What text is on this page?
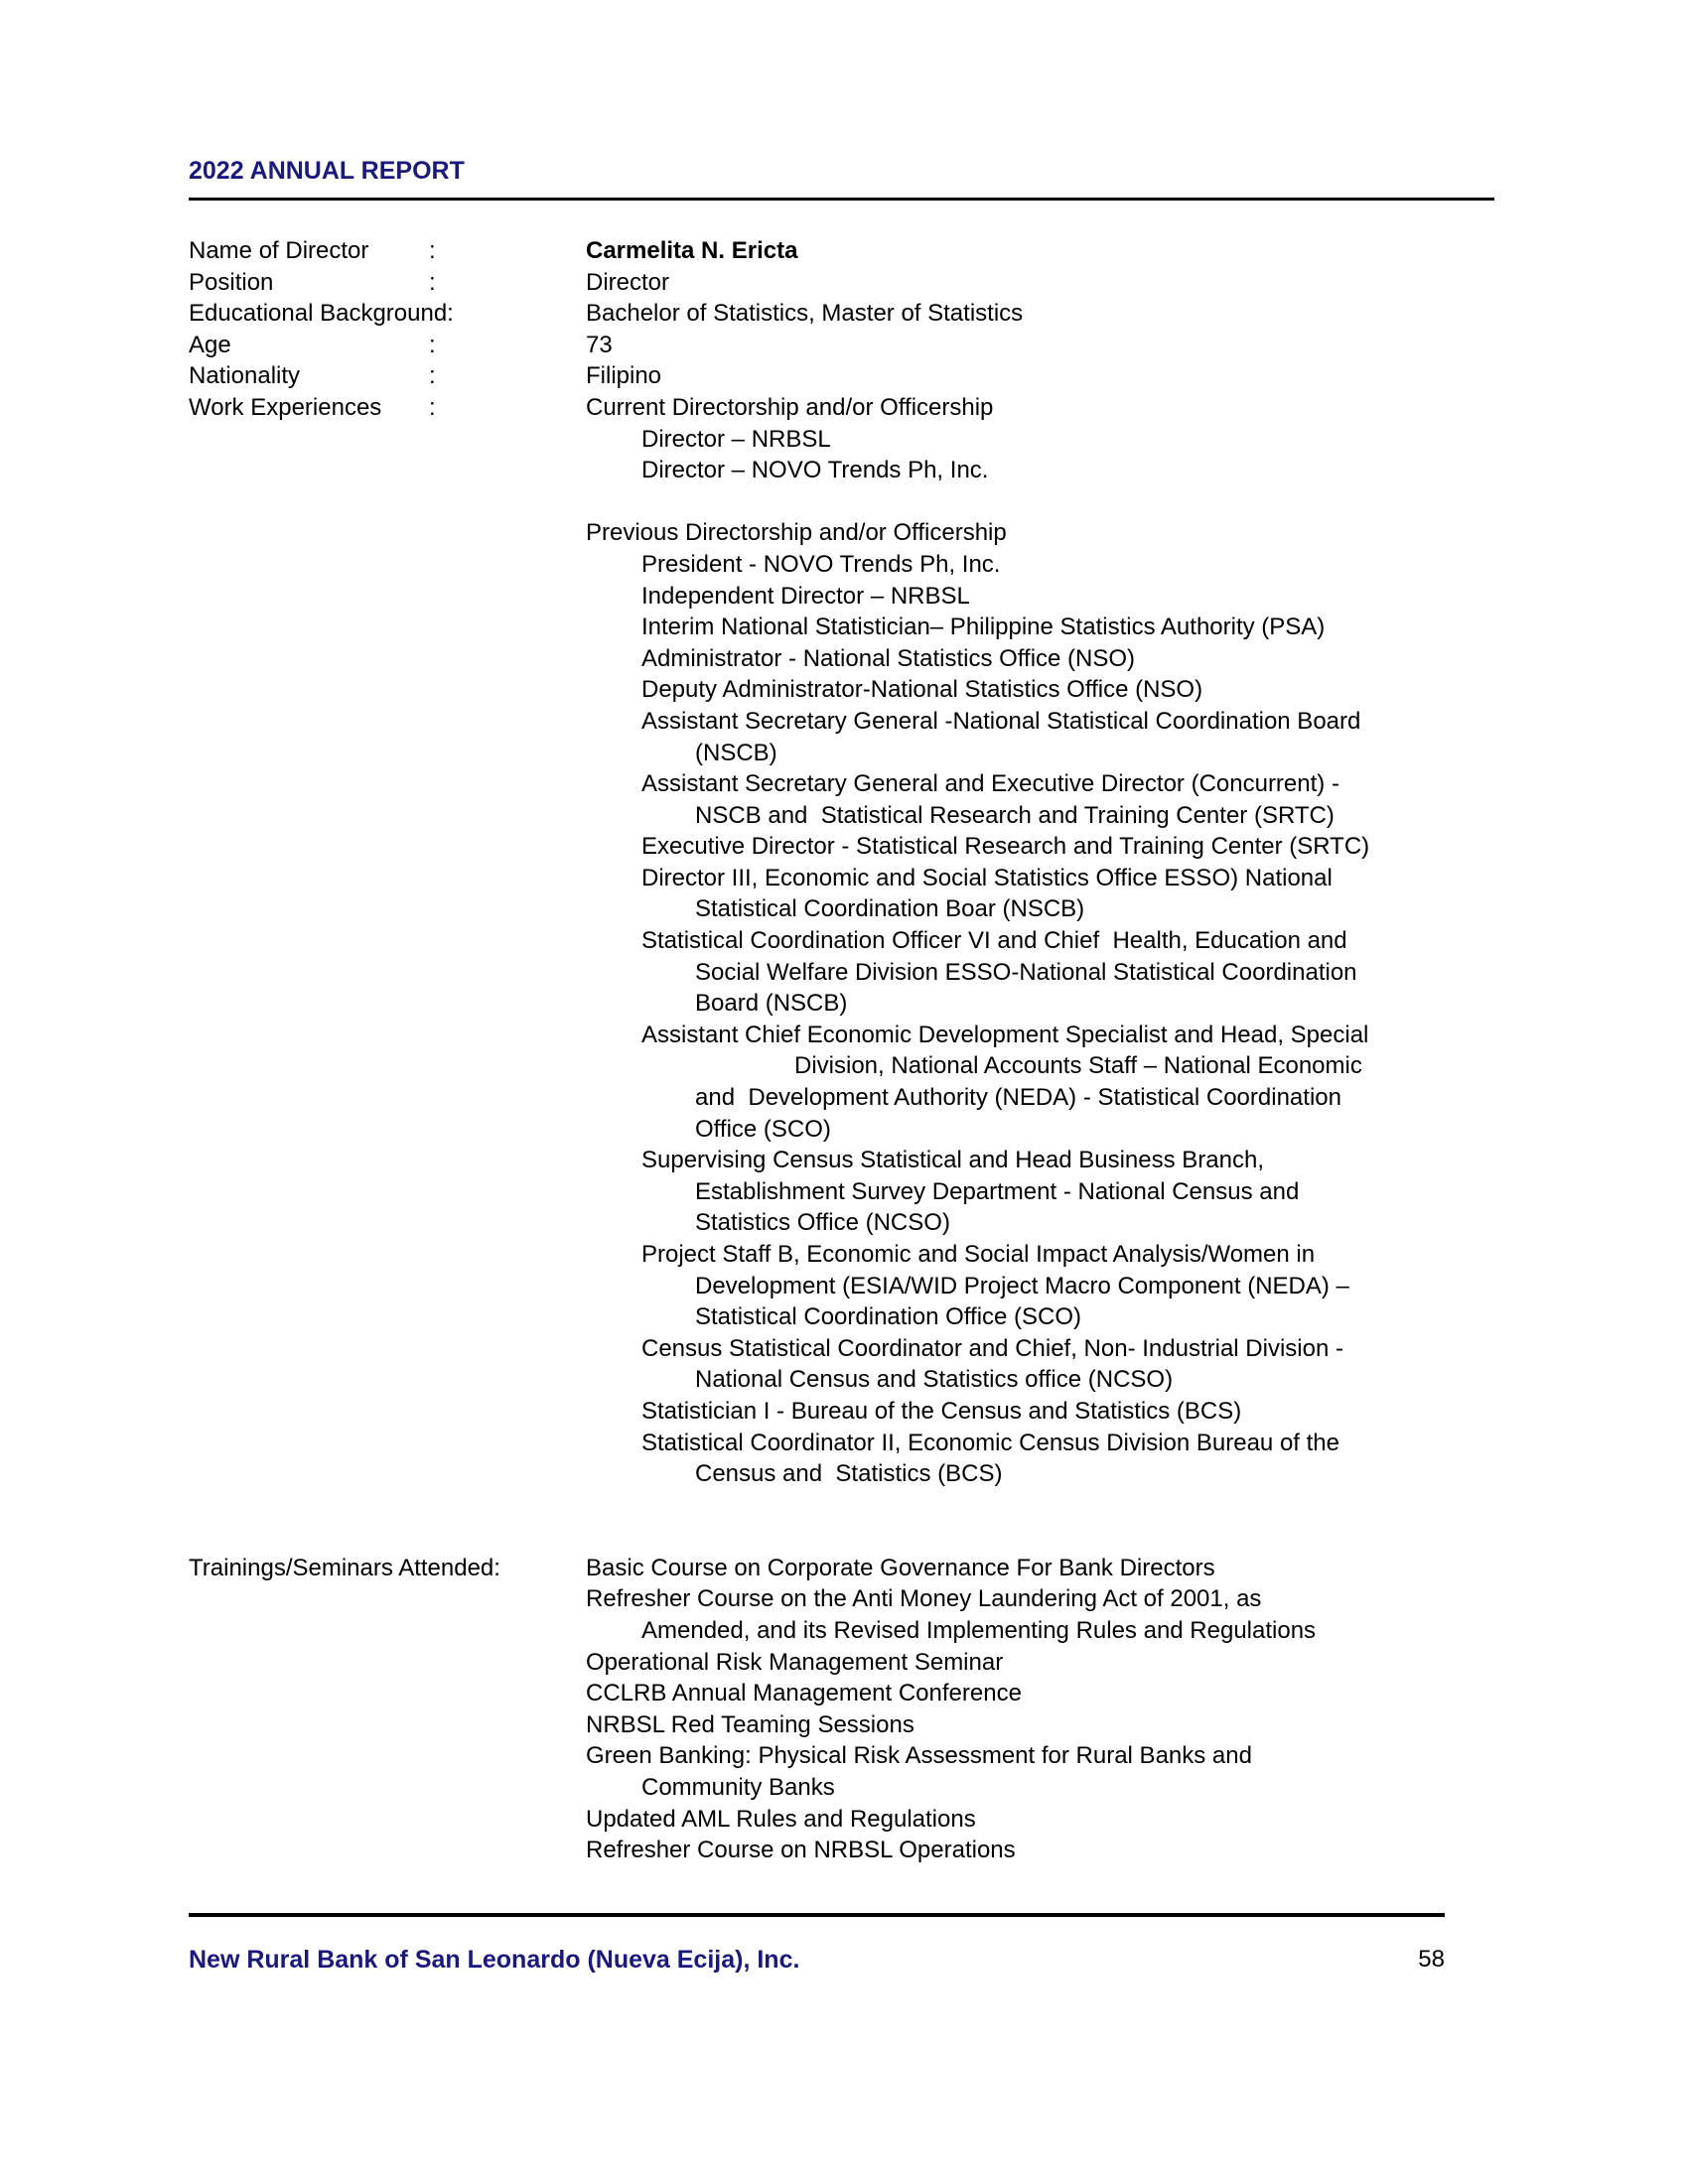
2022 ANNUAL REPORT
Name of Director	:	Carmelita N. Ericta
Position	:	Director
Educational Background:	Bachelor of Statistics, Master of Statistics
Age	:	73
Nationality	:	Filipino
Work Experiences	:	Current Directorship and/or Officership
Director – NRBSL
Director – NOVO Trends Ph, Inc.
Previous Directorship and/or Officership
President - NOVO Trends Ph, Inc.
Independent Director – NRBSL
Interim National Statistician– Philippine Statistics Authority (PSA)
Administrator - National Statistics Office (NSO)
Deputy Administrator-National Statistics Office (NSO)
Assistant Secretary General -National Statistical Coordination Board
(NSCB)
Assistant Secretary General and Executive Director (Concurrent) -
NSCB and  Statistical Research and Training Center (SRTC)
Executive Director - Statistical Research and Training Center (SRTC)
Director III, Economic and Social Statistics Office ESSO) National
Statistical Coordination Boar (NSCB)
Statistical Coordination Officer VI and Chief  Health, Education and
Social Welfare Division ESSO-National Statistical Coordination
Board (NSCB)
Assistant Chief Economic Development Specialist and Head, Special
Division, National Accounts Staff – National Economic
and  Development Authority (NEDA) - Statistical Coordination
Office (SCO)
Supervising Census Statistical and Head Business Branch,
Establishment Survey Department - National Census and
Statistics Office (NCSO)
Project Staff B, Economic and Social Impact Analysis/Women in
Development (ESIA/WID Project Macro Component (NEDA) –
Statistical Coordination Office (SCO)
Census Statistical Coordinator and Chief, Non- Industrial Division -
National Census and Statistics office (NCSO)
Statistician I - Bureau of the Census and Statistics (BCS)
Statistical Coordinator II, Economic Census Division Bureau of the
Census and  Statistics (BCS)
Trainings/Seminars Attended:	Basic Course on Corporate Governance For Bank Directors
Refresher Course on the Anti Money Laundering Act of 2001, as
Amended, and its Revised Implementing Rules and Regulations
Operational Risk Management Seminar
CCLRB Annual Management Conference
NRBSL Red Teaming Sessions
Green Banking: Physical Risk Assessment for Rural Banks and
Community Banks
Updated AML Rules and Regulations
Refresher Course on NRBSL Operations
New Rural Bank of San Leonardo (Nueva Ecija), Inc.	58
